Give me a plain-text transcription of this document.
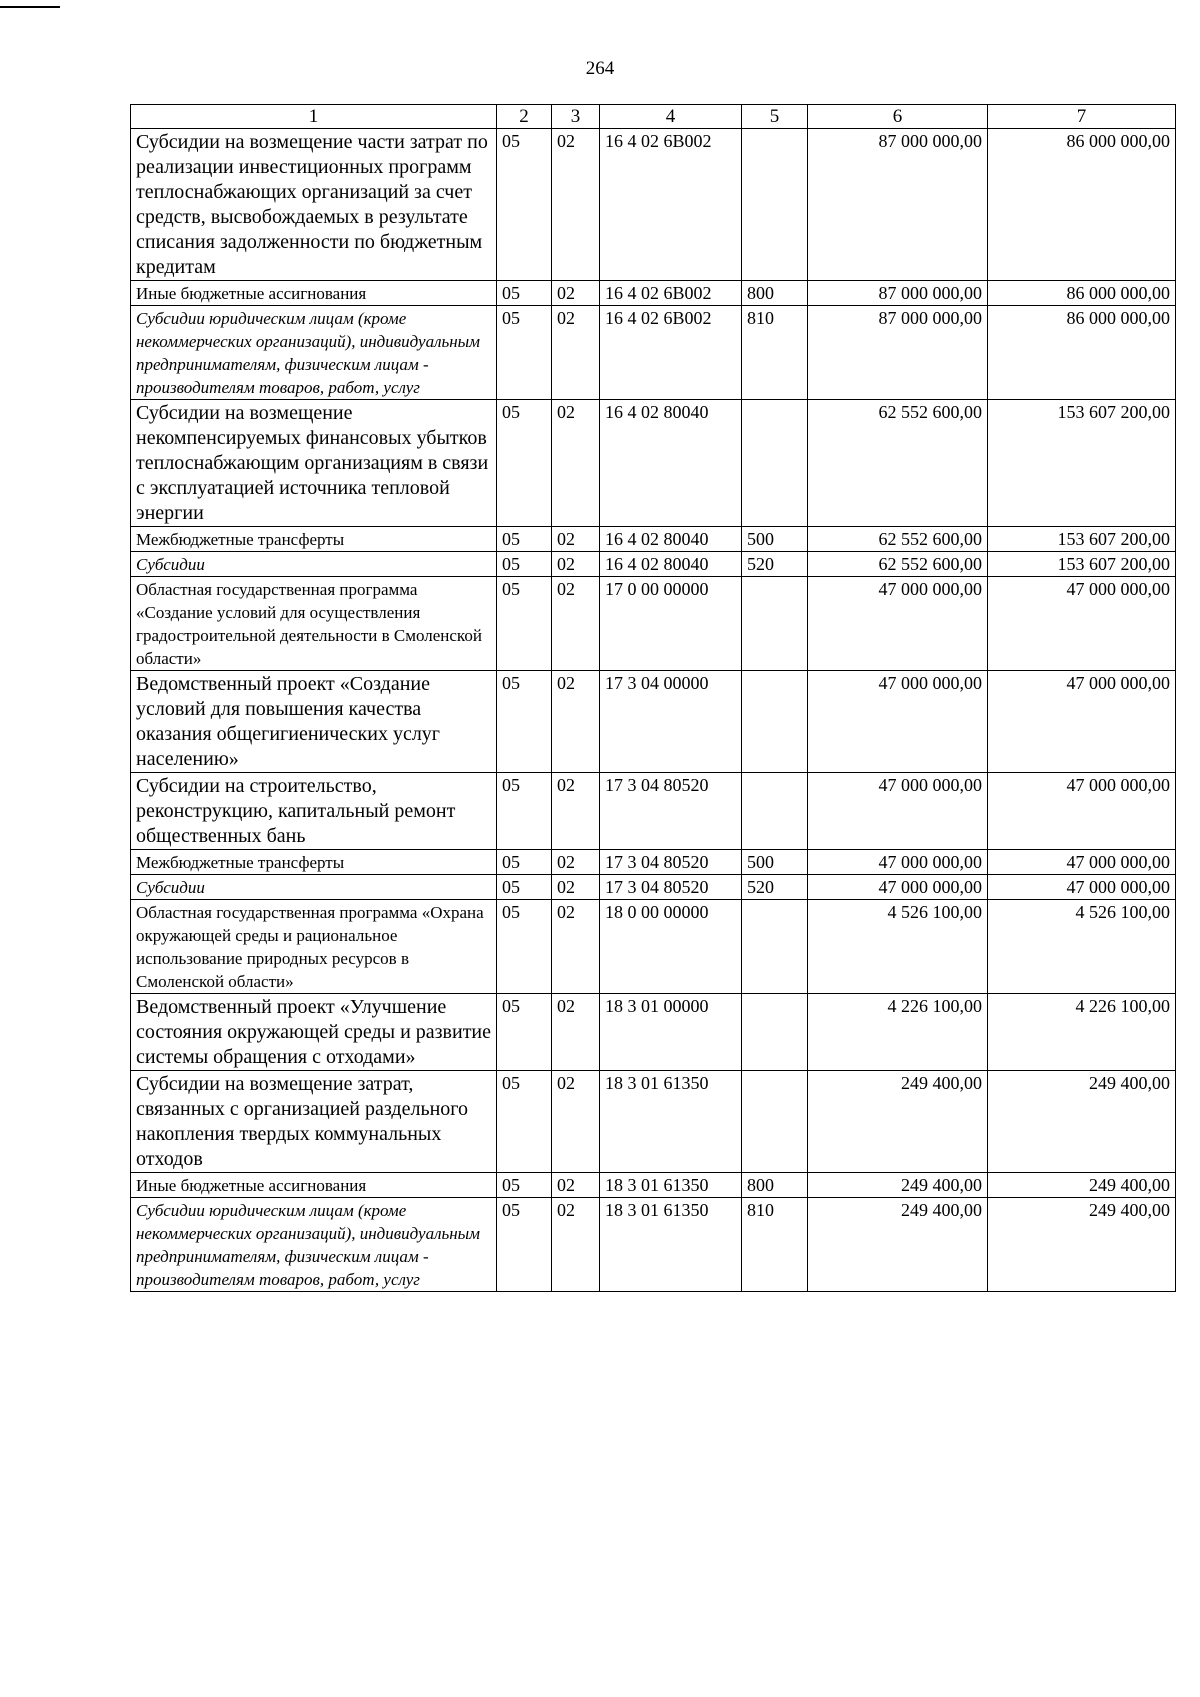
264
1	2	3	4	5	6	7
Субсидии на возмещение части затрат по реализации инвестиционных программ теплоснабжающих организаций за счет средств, высвобождаемых в результате списания задолженности по бюджетным кредитам	05	02	16 4 02 6В002		87 000 000,00	86 000 000,00
Иные бюджетные ассигнования	05	02	16 4 02 6В002	800	87 000 000,00	86 000 000,00
Субсидии юридическим лицам (кроме некоммерческих организаций), индивидуальным предпринимателям, физическим лицам - производителям товаров, работ, услуг	05	02	16 4 02 6В002	810	87 000 000,00	86 000 000,00
Субсидии на возмещение некомпенсируемых финансовых убытков теплоснабжающим организациям в связи с эксплуатацией источника тепловой энергии	05	02	16 4 02 80040		62 552 600,00	153 607 200,00
Межбюджетные трансферты	05	02	16 4 02 80040	500	62 552 600,00	153 607 200,00
Субсидии	05	02	16 4 02 80040	520	62 552 600,00	153 607 200,00
Областная государственная программа «Создание условий для осуществления градостроительной деятельности в Смоленской области»	05	02	17 0 00 00000		47 000 000,00	47 000 000,00
Ведомственный проект «Создание условий для повышения качества оказания общегигиенических услуг населению»	05	02	17 3 04 00000		47 000 000,00	47 000 000,00
Субсидии на строительство, реконструкцию, капитальный ремонт общественных бань	05	02	17 3 04 80520		47 000 000,00	47 000 000,00
Межбюджетные трансферты	05	02	17 3 04 80520	500	47 000 000,00	47 000 000,00
Субсидии	05	02	17 3 04 80520	520	47 000 000,00	47 000 000,00
Областная государственная программа «Охрана окружающей среды и рациональное использование природных ресурсов в Смоленской области»	05	02	18 0 00 00000		4 526 100,00	4 526 100,00
Ведомственный проект «Улучшение состояния окружающей среды и развитие системы обращения с отходами»	05	02	18 3 01 00000		4 226 100,00	4 226 100,00
Субсидии на возмещение затрат, связанных с организацией раздельного накопления твердых коммунальных отходов	05	02	18 3 01 61350		249 400,00	249 400,00
Иные бюджетные ассигнования	05	02	18 3 01 61350	800	249 400,00	249 400,00
Субсидии юридическим лицам (кроме некоммерческих организаций), индивидуальным предпринимателям, физическим лицам - производителям товаров, работ, услуг	05	02	18 3 01 61350	810	249 400,00	249 400,00
